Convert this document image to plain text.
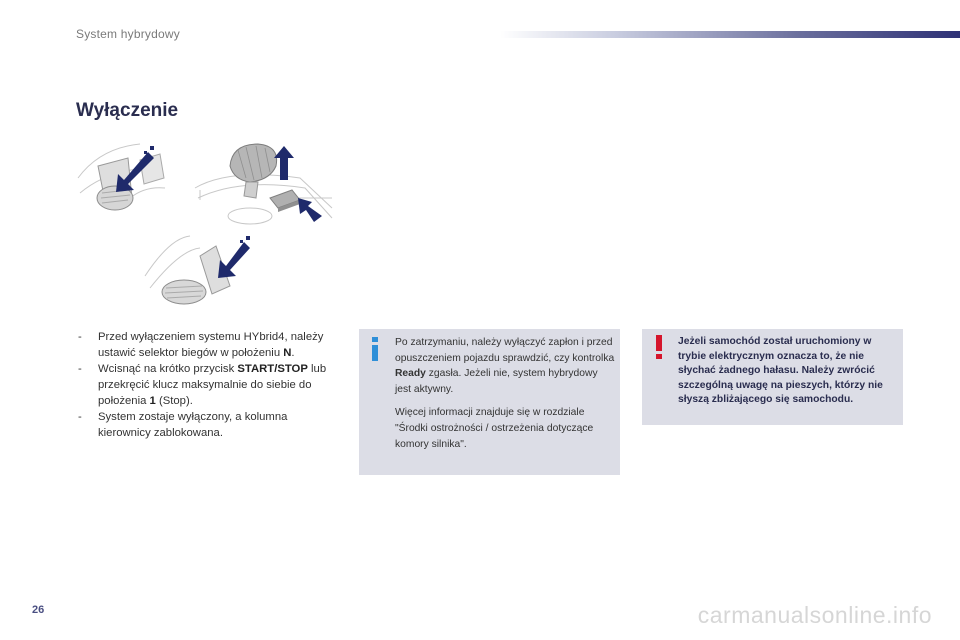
System hybrydowy
Wyłączenie
- Przed wyłączeniem systemu HYbrid4, należy ustawić selektor biegów w położeniu N.
- Wcisnąć na krótko przycisk START/STOP lub przekręcić klucz maksymalnie do siebie do położenia 1 (Stop).
- System zostaje wyłączony, a kolumna kierownicy zablokowana.

Po zatrzymaniu, należy wyłączyć zapłon i przed opuszczeniem pojazdu sprawdzić, czy kontrolka Ready zgasła. Jeżeli nie, system hybrydowy jest aktywny.

Więcej informacji znajduje się w rozdziale "Środki ostrożności / ostrzeżenia dotyczące komory silnika".

Jeżeli samochód został uruchomiony w trybie elektrycznym oznacza to, że nie słychać żadnego hałasu. Należy zwrócić szczególną uwagę na pieszych, którzy nie słyszą zbliżającego się samochodu.
26	carmanualsonline.info
